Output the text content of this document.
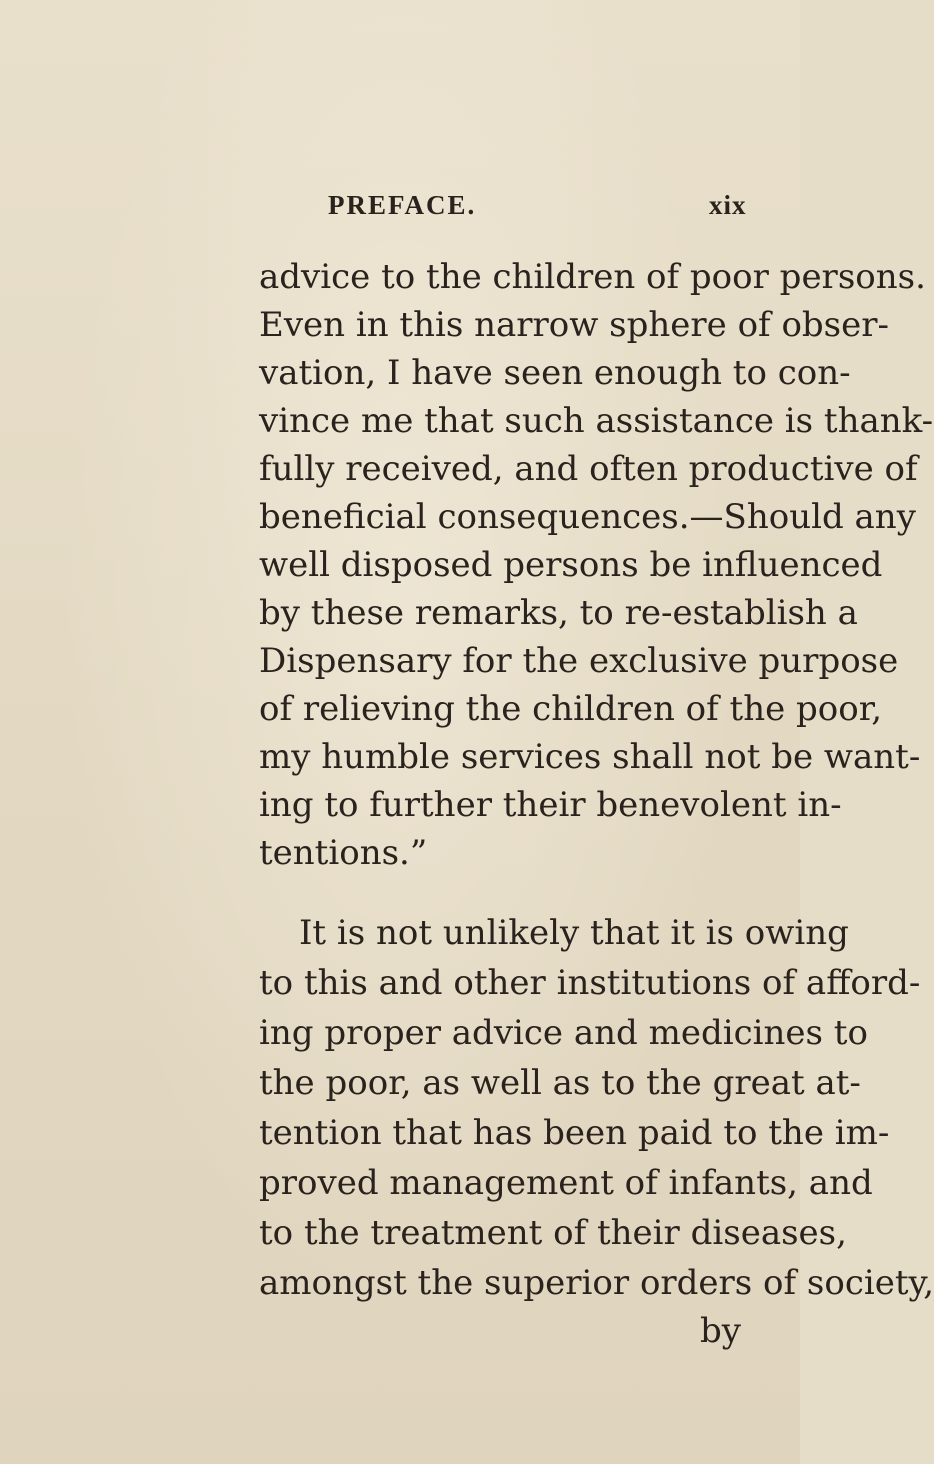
PREFACE.	xix
advice to the children of poor persons.
Even in this narrow sphere of obser-
vation, I have seen enough to con-
vince me that such assistance is thank-
fully received, and often productive of
beneficial consequences.—Should any
well disposed persons be influenced
by these remarks, to re-establish a
Dispensary for the exclusive purpose
of relieving the children of the poor,
my humble services shall not be want-
ing to further their benevolent in-
tentions.”
It is not unlikely that it is owing
to this and other institutions of afford-
ing proper advice and medicines to
the poor, as well as to the great at-
tention that has been paid to the im-
proved management of infants, and
to the treatment of their diseases,
amongst the superior orders of society,
by
